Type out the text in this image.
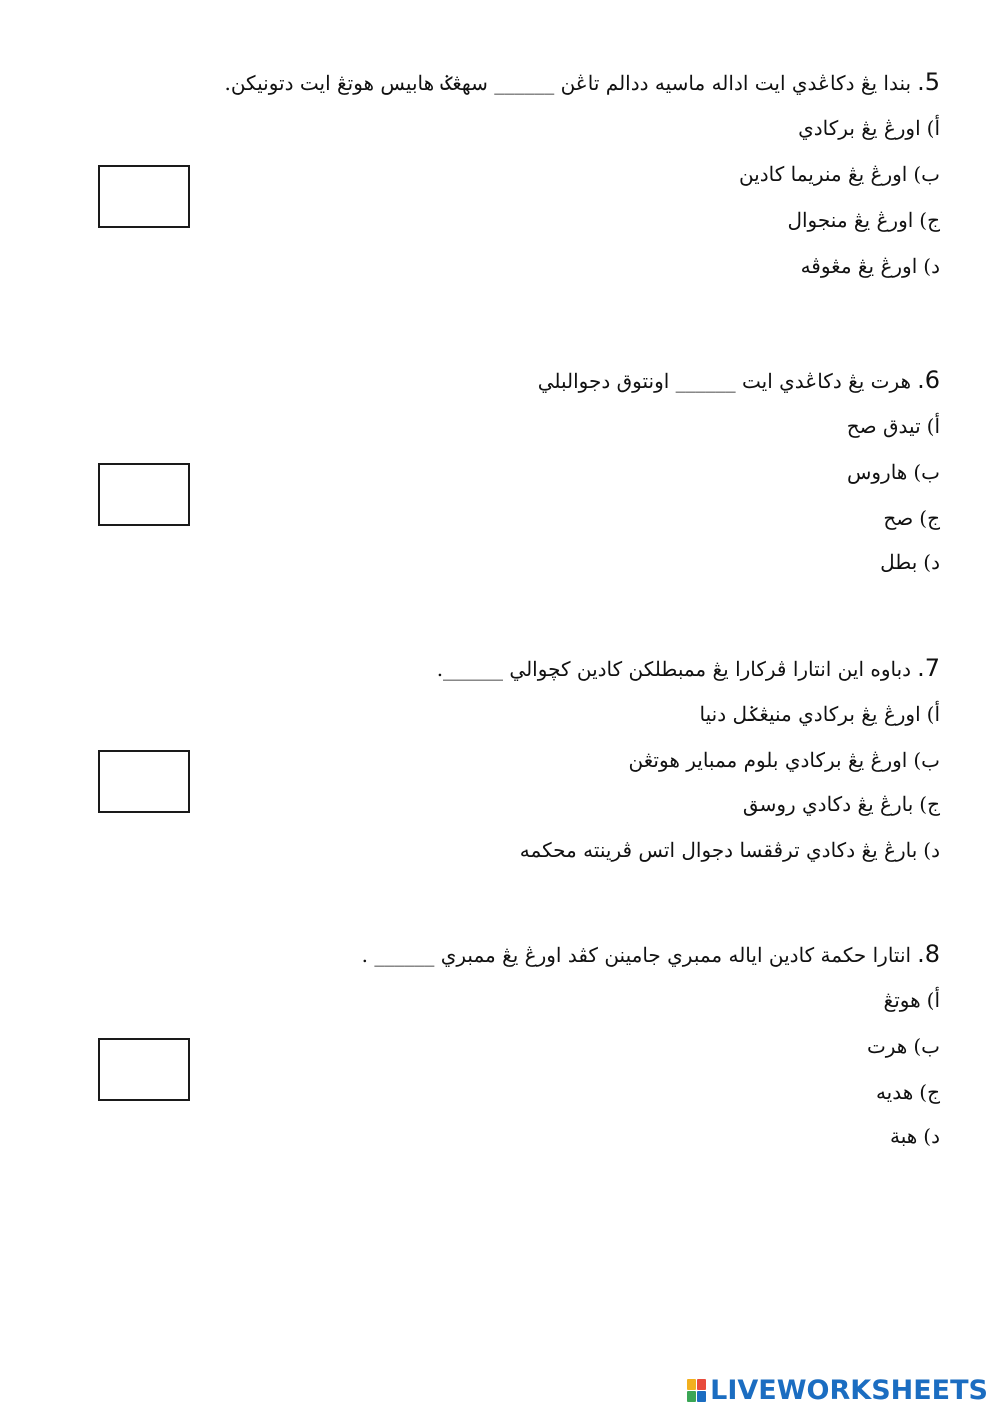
5.بندا يڠ دكاڠدي ايت اداله ماسيه ددالم تاڠن ______ سهڠݢ هابيس هوتڠ ايت دتونيكن.
أ)اورڠ يڠ بركادي
ب)اورڠ يڠ منريما كادين
ج)اورڠ يڠ منجوال
د)اورڠ يڠ مڠوڤه
6.هرت يڠ دكاڠدي ايت ______ اونتوق دجوالبلي
أ)تيدق صح
ب)هاروس
ج)صح
د)بطل
7.دباوه اين انتارا ڤركارا يڠ ممبطلكن كادين كچوالي ______.
أ)اورڠ يڠ بركادي منيڠݢل دنيا
ب)اورڠ يڠ بركادي بلوم ممباير هوتڠن
ج)بارڠ يڠ دكادي روسق
د)بارڠ يڠ دكادي ترڤقسا دجوال اتس ڤرينته محكمه
8.انتارا حكمة كادين اياله ممبري جامينن كڤد اورڠ يڠ ممبري ______ .
أ)هوتڠ
ب)هرت
ج)هديه
د)هبة
LIVEWORKSHEETS
